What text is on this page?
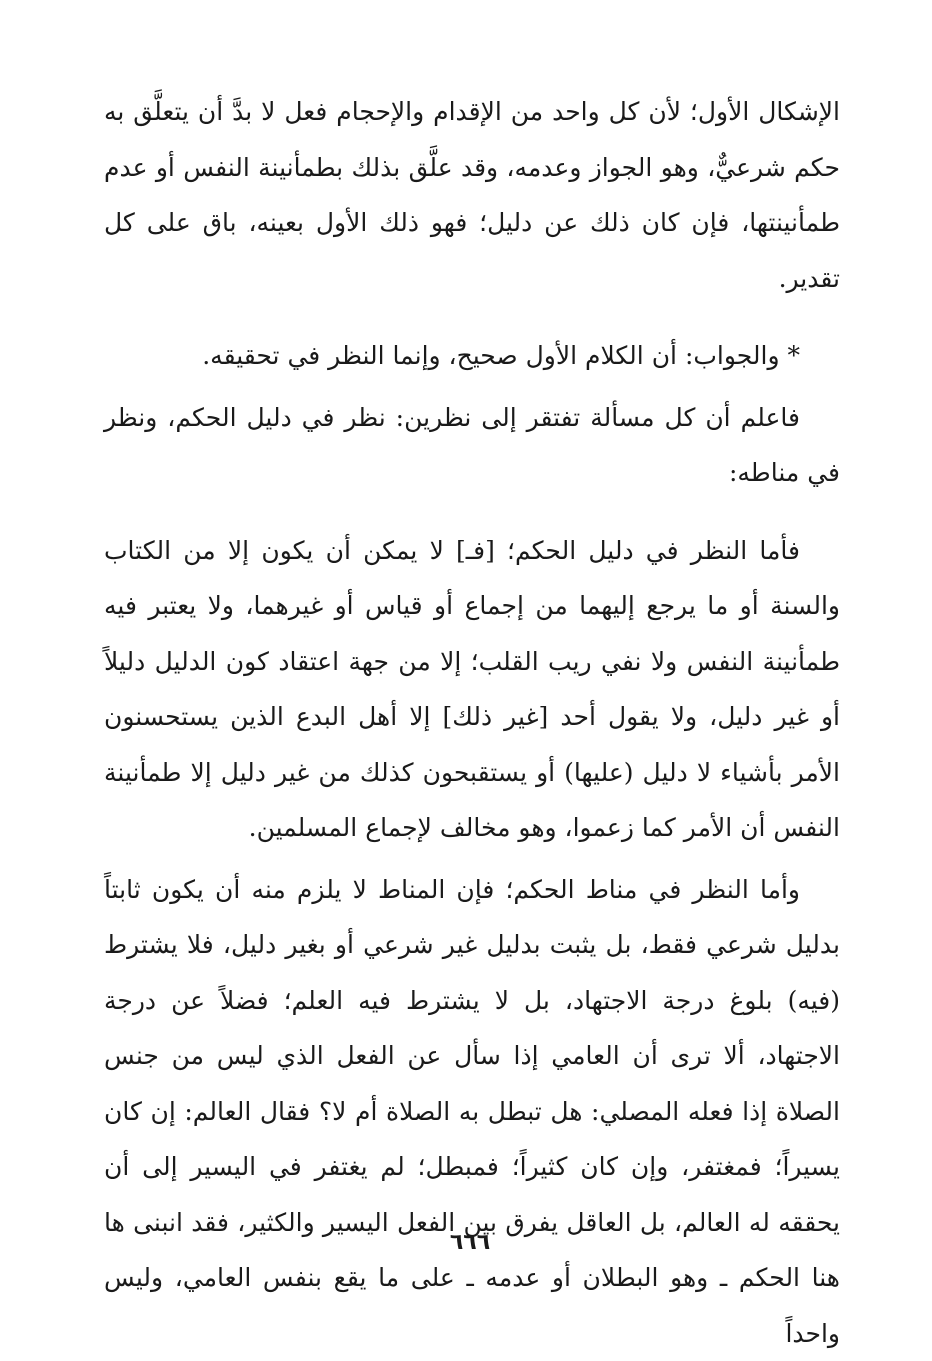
الإشكال الأول؛ لأن كل واحد من الإقدام والإحجام فعل لا بدَّ أن يتعلَّق به حكم شرعيٌّ، وهو الجواز وعدمه، وقد علَّق بذلك بطمأنينة النفس أو عدم طمأنينتها، فإن كان ذلك عن دليل؛ فهو ذلك الأول بعينه، باق على كل تقدير.

* والجواب: أن الكلام الأول صحيح، وإنما النظر في تحقيقه.

فاعلم أن كل مسألة تفتقر إلى نظرين: نظر في دليل الحكم، ونظر في مناطه:

فأما النظر في دليل الحكم؛ [فـ] لا يمكن أن يكون إلا من الكتاب والسنة أو ما يرجع إليهما من إجماع أو قياس أو غيرهما، ولا يعتبر فيه طمأنينة النفس ولا نفي ريب القلب؛ إلا من جهة اعتقاد كون الدليل دليلاً أو غير دليل، ولا يقول أحد [غير ذلك] إلا أهل البدع الذين يستحسنون الأمر بأشياء لا دليل (عليها) أو يستقبحون كذلك من غير دليل إلا طمأنينة النفس أن الأمر كما زعموا، وهو مخالف لإجماع المسلمين.

وأما النظر في مناط الحكم؛ فإن المناط لا يلزم منه أن يكون ثابتاً بدليل شرعي فقط، بل يثبت بدليل غير شرعي أو بغير دليل، فلا يشترط (فيه) بلوغ درجة الاجتهاد، بل لا يشترط فيه العلم؛ فضلاً عن درجة الاجتهاد، ألا ترى أن العامي إذا سأل عن الفعل الذي ليس من جنس الصلاة إذا فعله المصلي: هل تبطل به الصلاة أم لا؟ فقال العالم: إن كان يسيراً؛ فمغتفر، وإن كان كثيراً؛ فمبطل؛ لم يغتفر في اليسير إلى أن يحققه له العالم، بل العاقل يفرق بين الفعل اليسير والكثير، فقد انبنى ها هنا الحكم ـ وهو البطلان أو عدمه ـ على ما يقع بنفس العامي، وليس واحداً

٦٦٦
